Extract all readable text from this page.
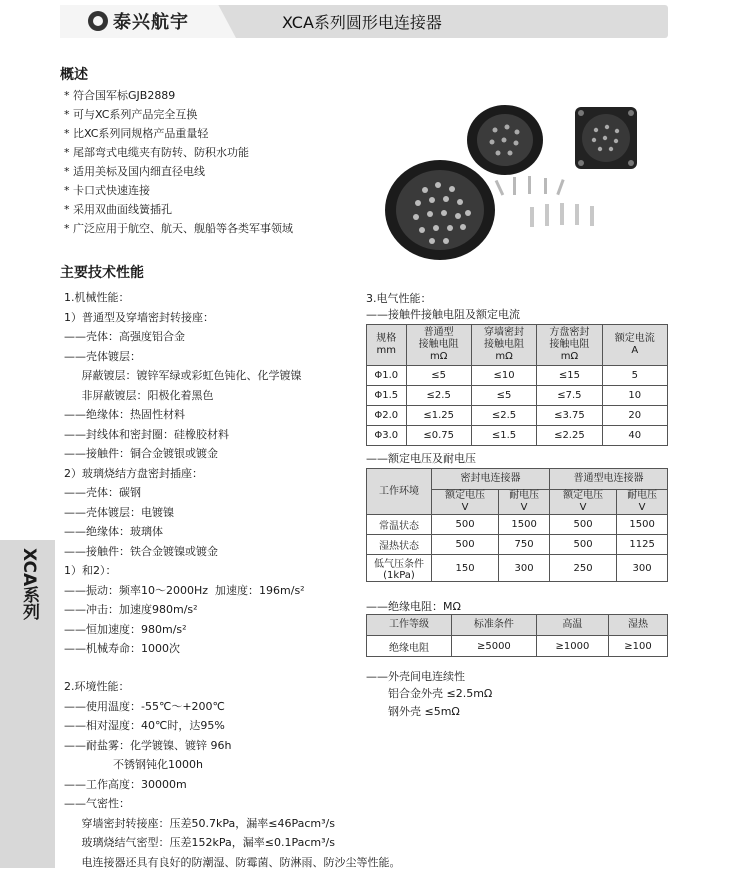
泰兴航宇	XCA系列圆形电连接器
XCA系列
概述
* 符合国军标GJB2889
* 可与XC系列产品完全互换
* 比XC系列同规格产品重量轻
* 尾部弯式电缆夹有防转、防积水功能
* 适用美标及国内细直径电线
* 卡口式快速连接
* 采用双曲面线簧插孔
* 广泛应用于航空、航天、舰船等各类军事领域
主要技术性能
1.机械性能：
1）普通型及穿墙密封转接座：
——壳体：高强度铝合金
——壳体镀层：
屏蔽镀层：镀锌军绿或彩虹色钝化、化学镀镍
非屏蔽镀层：阳极化着黑色
——绝缘体：热固性材料
——封线体和密封圈：硅橡胶材料
——接触件：铜合金镀银或镀金
2）玻璃烧结方盘密封插座：
——壳体：碳钢
——壳体镀层：电镀镍
——绝缘体：玻璃体
——接触件：铁合金镀镍或镀金
1）和2）：
——振动：频率10～2000Hz  加速度：196m/s²
——冲击：加速度980m/s²
——恒加速度：980m/s²
——机械寿命：1000次
2.环境性能：
——使用温度：-55℃～+200℃
——相对湿度：40℃时，达95%
——耐盐雾：化学镀镍、镀锌 96h
不锈钢钝化1000h
——工作高度：30000m
——气密性：
穿墙密封转接座：压差50.7kPa，漏率≤46Pacm³/s
玻璃烧结气密型：压差152kPa，漏率≤0.1Pacm³/s
电连接器还具有良好的防潮湿、防霉菌、防淋雨、防沙尘等性能。
3.电气性能：
——接触件接触电阻及额定电流
规格
mm	普通型
接触电阻
mΩ	穿墙密封
接触电阻
mΩ	方盘密封
接触电阻
mΩ	额定电流
A
Φ1.0	≤5	≤10	≤15	5
Φ1.5	≤2.5	≤5	≤7.5	10
Φ2.0	≤1.25	≤2.5	≤3.75	20
Φ3.0	≤0.75	≤1.5	≤2.25	40
——额定电压及耐电压
工作环境	密封电连接器		普通型电连接器	
	额定电压
V	耐电压
V	额定电压
V	耐电压
V
常温状态	500	1500	500	1500
湿热状态	500	750	500	1125
低气压条件
(1kPa)	150	300	250	300
——绝缘电阻：MΩ
工作等级	标准条件	高温	湿热
绝缘电阻	≥5000	≥1000	≥100
——外壳间电连续性
铝合金外壳 ≤2.5mΩ
钢外壳 ≤5mΩ
